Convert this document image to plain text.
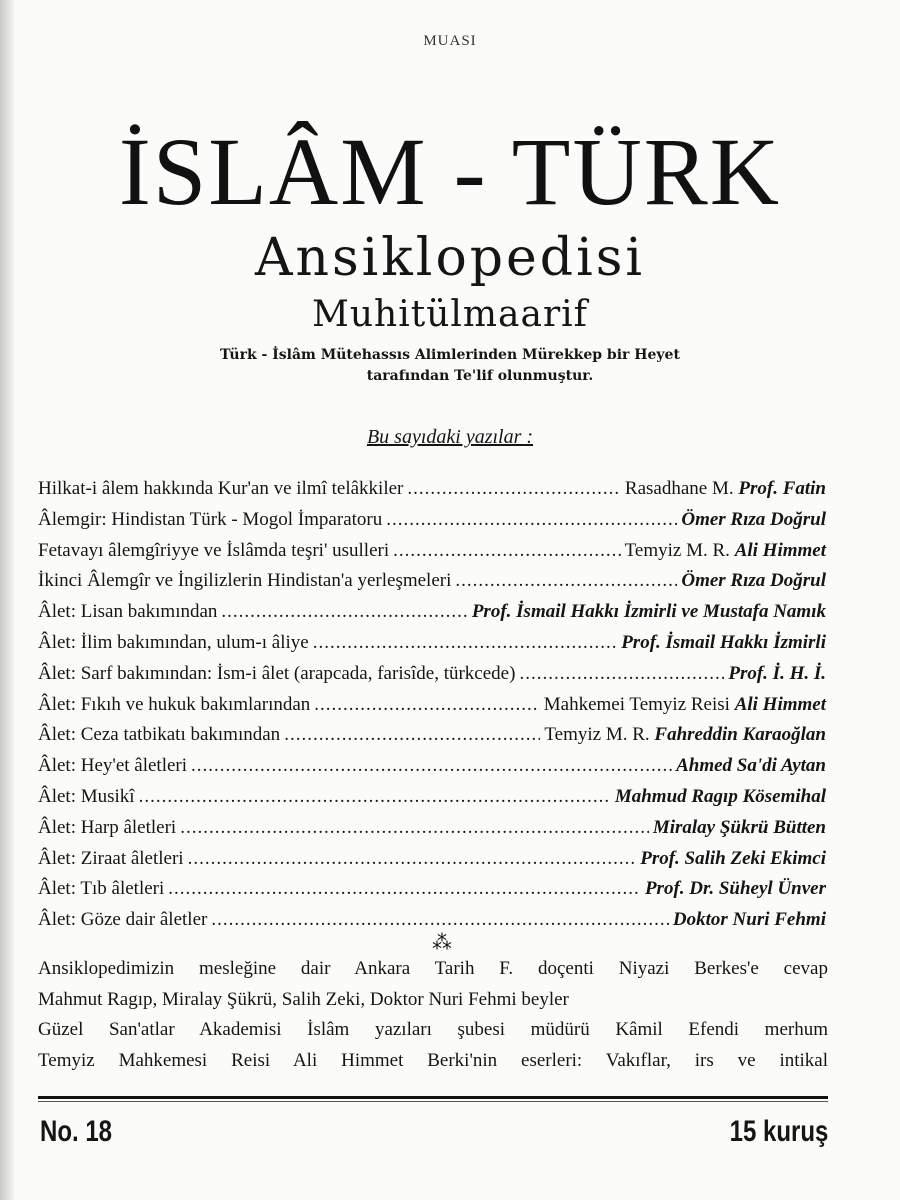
MUASI
İSLÂM - TÜRK
Ansiklopedisi
Muhitülmaarif
Türk - İslâm Mütehassıs Alimlerinden Mürekkep bir Heyet
tarafından Te'lif olunmuştur.
Bu sayıdaki yazılar :
Hilkat-i âlem hakkında Kur'an ve ilmî telâkkiler .....	Rasadhane M. Prof. Fatin
Âlemgir: Hindistan Türk - Mogol İmparatoru .....	Ömer Rıza Doğrul
Fetavayı âlemgîriyye ve İslâmda teşri' usulleri .....	Temyiz M. R. Ali Himmet
İkinci Âlemgîr ve İngilizlerin Hindistan'a yerleşmeleri .....	Ömer Rıza Doğrul
Âlet: Lisan bakımından .....	Prof. İsmail Hakkı İzmirli ve Mustafa Namık
Âlet: İlim bakımından, ulum-ı âliye .....	Prof. İsmail Hakkı İzmirli
Âlet: Sarf bakımından: İsm-i âlet (arapcada, farisîde, türkcede) .....	Prof. İ. H. İ.
Âlet: Fıkıh ve hukuk bakımlarından .....	Mahkemei Temyiz Reisi Ali Himmet
Âlet: Ceza tatbikatı bakımından .....	Temyiz M. R. Fahreddin Karaoğlan
Âlet: Hey'et âletleri .....	Ahmed Sa'di Aytan
Âlet: Musikî .....	Mahmud Ragıp Kösemihal
Âlet: Harp âletleri .....	Miralay Şükrü Bütten
Âlet: Ziraat âletleri .....	Prof. Salih Zeki Ekimci
Âlet: Tıb âletleri .....	Prof. Dr. Süheyl Ünver
Âlet: Göze dair âletler .....	Doktor Nuri Fehmi
⁂
Ansiklopedimizin mesleğine dair Ankara Tarih F. doçenti Niyazi Berkes'e cevap
Mahmut Ragıp, Miralay Şükrü, Salih Zeki, Doktor Nuri Fehmi beyler
Güzel San'atlar Akademisi İslâm yazıları şubesi müdürü Kâmil Efendi merhum
Temyiz Mahkemesi Reisi Ali Himmet Berki'nin eserleri: Vakıflar, irs ve intikal
No. 18	15 kuruş
